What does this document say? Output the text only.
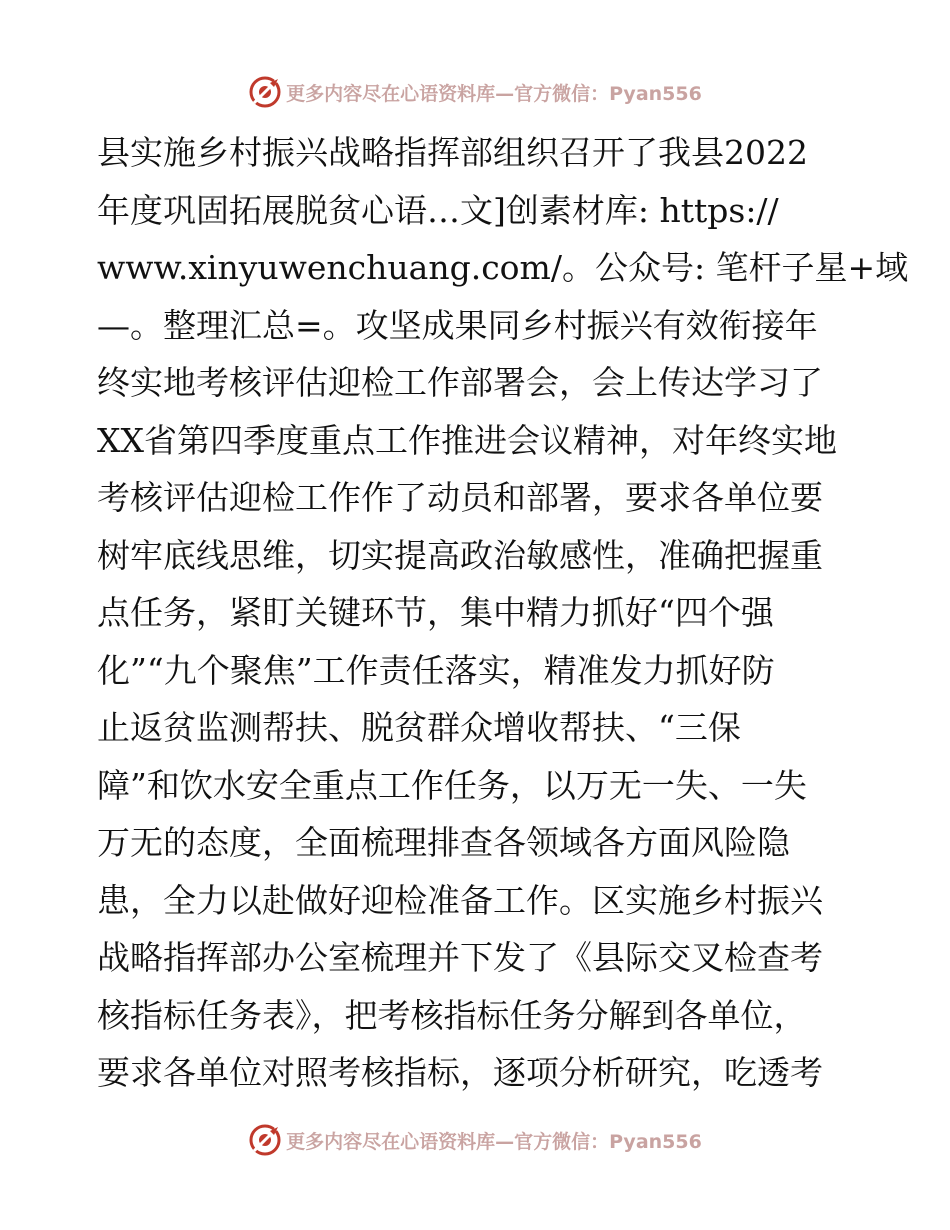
更多内容尽在心语资料库—官方微信：Pyan556
县实施乡村振兴战略指挥部组织召开了我县2022
年度巩固拓展脱贫心语…文]创素材库: https://
www.xinyuwenchuang.com/。公众号: 笔杆子星+域
—。整理汇总=。攻坚成果同乡村振兴有效衔接年
终实地考核评估迎检工作部署会，会上传达学习了
XX省第四季度重点工作推进会议精神，对年终实地
考核评估迎检工作作了动员和部署，要求各单位要
树牢底线思维，切实提高政治敏感性，准确把握重
点任务，紧盯关键环节，集中精力抓好“四个强
化”“九个聚焦”工作责任落实，精准发力抓好防
止返贫监测帮扶、脱贫群众增收帮扶、“三保
障”和饮水安全重点工作任务，以万无一失、一失
万无的态度，全面梳理排查各领域各方面风险隐
患，全力以赴做好迎检准备工作。区实施乡村振兴
战略指挥部办公室梳理并下发了《县际交叉检查考
核指标任务表》，把考核指标任务分解到各单位，
要求各单位对照考核指标，逐项分析研究，吃透考
更多内容尽在心语资料库—官方微信：Pyan556
